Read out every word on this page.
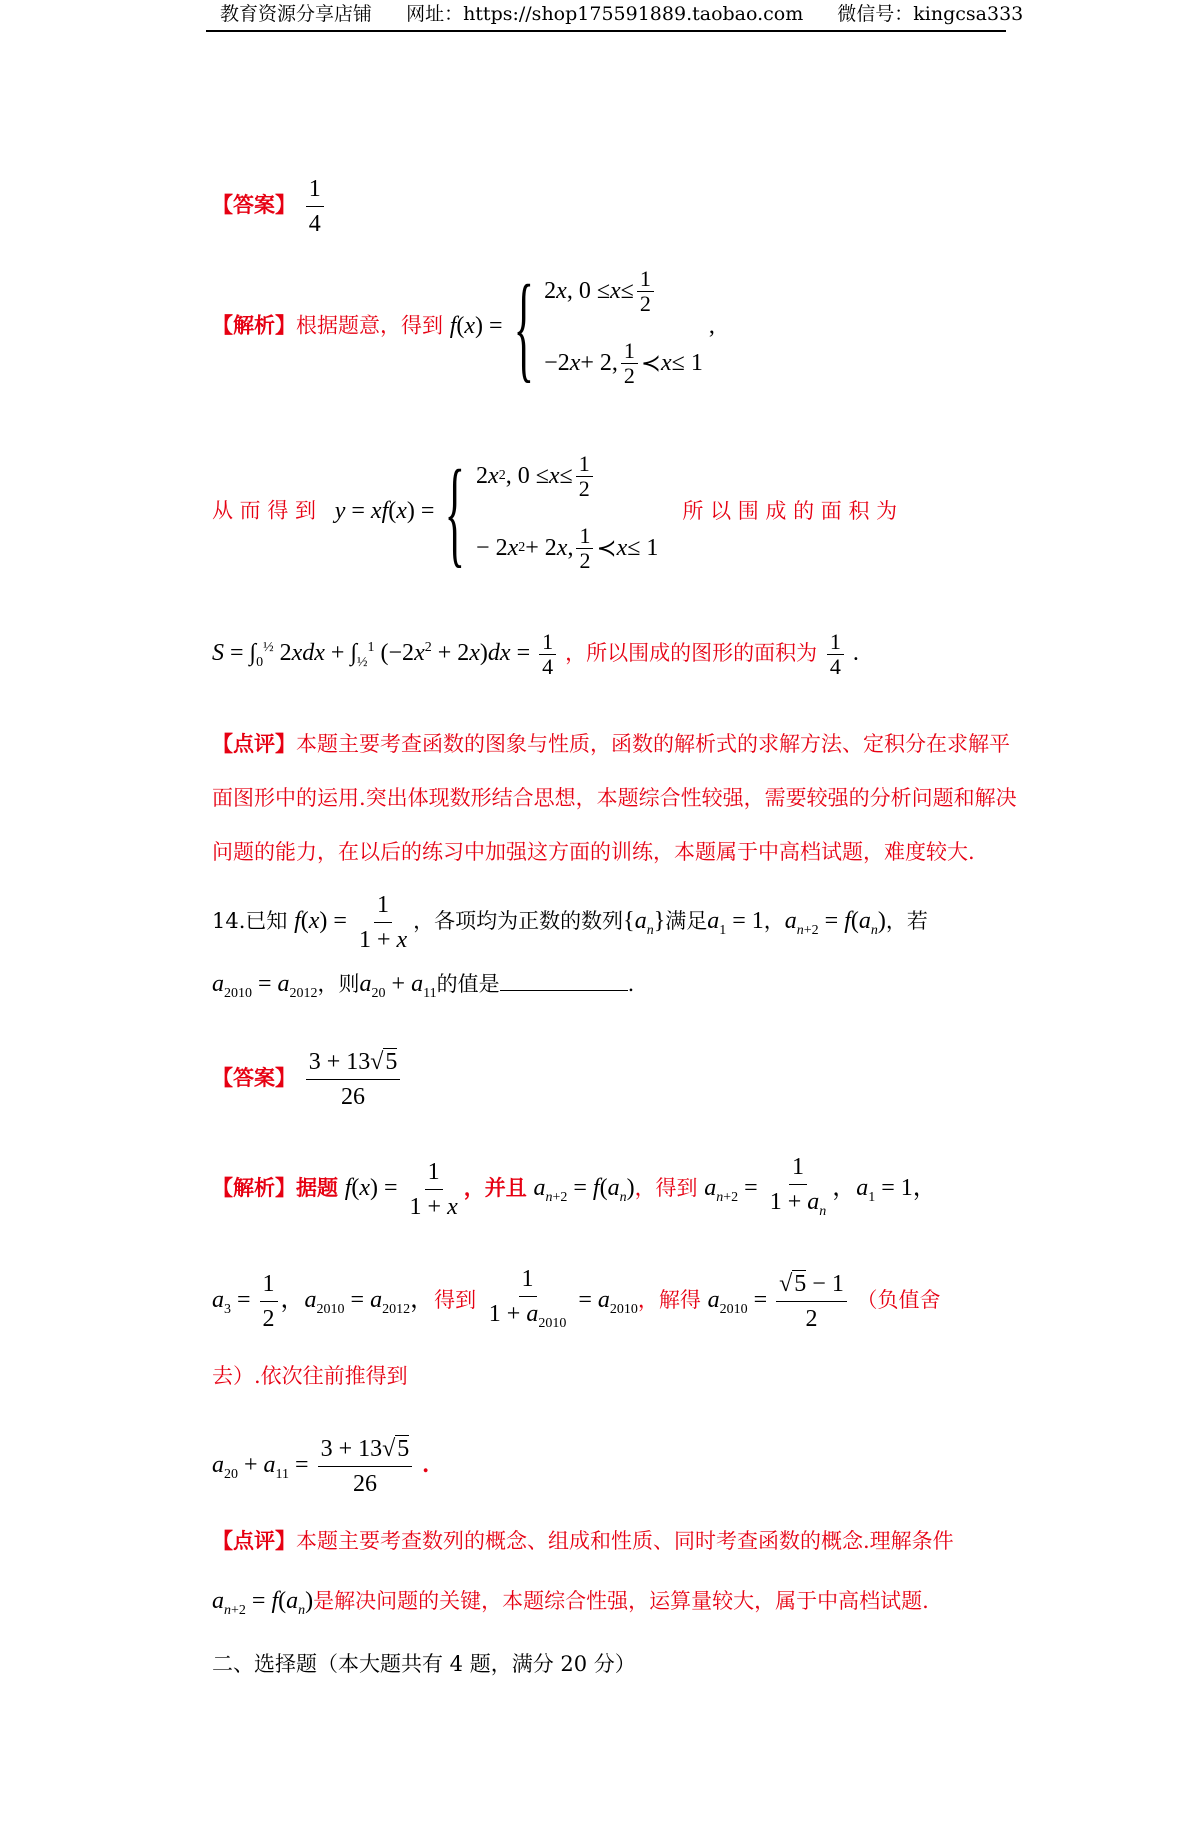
教育资源分享店铺 网址：https://shop175591889.taobao.com 微信号：kingcsa333
【答案】 $\frac{1}{4}$
【解析】根据题意，得到 f(x) = { 2 x , $0 \le x \le \frac{1}{2}$
−2 x + 2, $\frac{1}{2}$ ≺ x ≤ 1
,
从 而 得 到 y = xf(x) = { 2 x 2 , $0 \le x \le \frac{1}{2}$
− 2 x 2 + 2 x , $\frac{1}{2}$ ≺ x ≤ 1
所 以 围 成 的 面 积 为
$S = \int_0^{\frac{1}{2}}$ $2xdx + \int_{\frac{1}{2}}^1$ $(-2x^2 + 2x)dx = \frac{1}{4}$ ，所以围成的图形的面积为 $\frac{1}{4}$ .
【点评】本题主要考查函数的图象与性质，函数的解析式的求解方法、定积分在求解平
面图形中的运用.突出体现数形结合思想，本题综合性较强，需要较强的分析问题和解决
问题的能力，在以后的练习中加强这方面的训练，本题属于中高档试题，难度较大.
14.已知 $f(x) = \frac{1}{1 + x}$ ，各项均为正数的数列$\{a_n\}$满足$a_1 = 1$，$a_{n+2} = f(a_n)$，若
$a_{2010} = a_{2012}$，则$a_{20} + a_{11}$的值是	.
【答案】 $\frac{3 + 13√5}{26}$
【解析】据题 $f(x) = \frac{1}{1 + x}$ ，并且 $a_{n+2} = f(a_n)$，得到 $a_{n+2} = \frac{1}{1 + a_n}$ ，$a_1 = 1$，
$a_3 = \frac{1}{2}$ ，$a_{2010} = a_{2012}$，得到 $\frac{1}{1 + a_{2010}} = a_{2010}$，解得 $a_{2010} = \frac{√5 - 1}{2}$ （负值舍
去）.依次往前推得到
$a_{20} + a_{11} = \frac{3 + 13√5}{26}$ .
【点评】本题主要考查数列的概念、组成和性质、同时考查函数的概念.理解条件
$a_{n+2} = f(a_n)$是解决问题的关键，本题综合性强，运算量较大，属于中高档试题.
二、选择题（本大题共有 4 题，满分 20 分）
